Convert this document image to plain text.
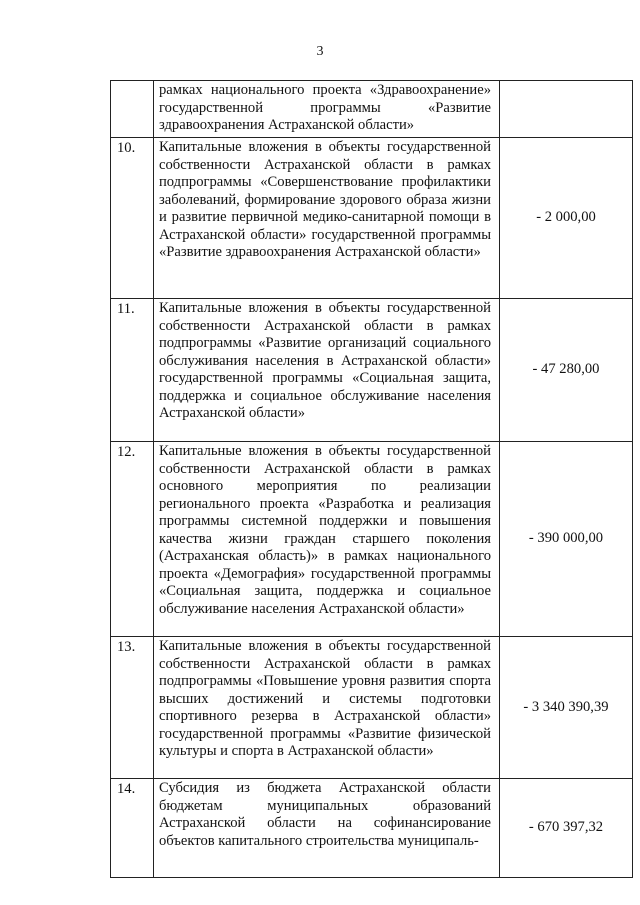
3

	рамках национального проекта «Здравоохранение» государственной программы «Развитие здравоохранения Астраханской области»	

10.	Капитальные вложения в объекты государственной собственности Астраханской области в рамках подпрограммы «Совершенствование профилактики заболеваний, формирование здорового образа жизни и развитие первичной медико-санитарной помощи в Астраханской области» государственной программы «Развитие здравоохранения Астраханской области»	- 2 000,00
11.	Капитальные вложения в объекты государственной собственности Астраханской области в рамках подпрограммы «Развитие организаций социального обслуживания населения в Астраханской области» государственной программы «Социальная защита, поддержка и социальное обслуживание населения Астраханской области»	- 47 280,00
12.	Капитальные вложения в объекты государственной собственности Астраханской области в рамках основного мероприятия по реализации регионального проекта «Разработка и реализация программы системной поддержки и повышения качества жизни граждан старшего поколения (Астраханская область)» в рамках национального проекта «Демография» государственной программы «Социальная защита, поддержка и социальное обслуживание населения Астраханской области»	- 390 000,00
13.	Капитальные вложения в объекты государственной собственности Астраханской области в рамках подпрограммы «Повышение уровня развития спорта высших достижений и системы подготовки спортивного резерва в Астраханской области» государственной программы «Развитие физической культуры и спорта в Астраханской области»	- 3 340 390,39
14.	Субсидия из бюджета Астраханской области бюджетам муниципальных образований Астраханской области на софинансирование объектов капитального строительства муниципаль-	- 670 397,32
